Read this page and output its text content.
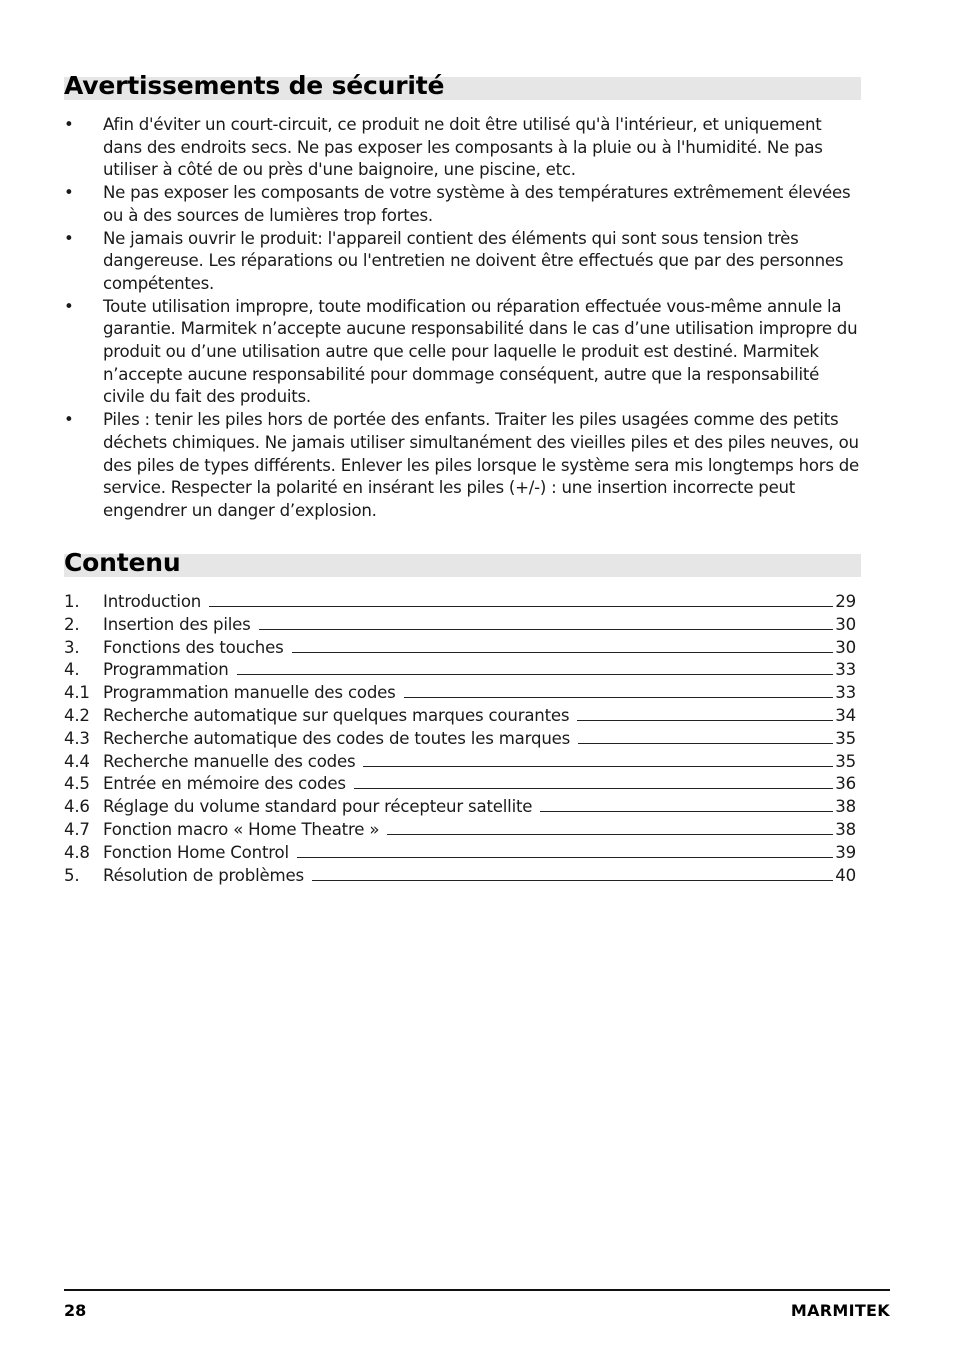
Avertissements de sécurité
• Afin d'éviter un court-circuit, ce produit ne doit être utilisé qu'à l'intérieur, et uniquement dans des endroits secs. Ne pas exposer les composants à la pluie ou à l'humidité. Ne pas utiliser à côté de ou près d'une baignoire, une piscine, etc.
• Ne pas exposer les composants de votre système à des températures extrêmement élevées ou à des sources de lumières trop fortes.
• Ne jamais ouvrir le produit: l'appareil contient des éléments qui sont sous tension très dangereuse. Les réparations ou l'entretien ne doivent être effectués que par des personnes compétentes.
• Toute utilisation impropre, toute modification ou réparation effectuée vous-même annule la garantie. Marmitek n’accepte aucune responsabilité dans le cas d’une utilisation impropre du produit ou d’une utilisation autre que celle pour laquelle le produit est destiné. Marmitek n’accepte aucune responsabilité pour dommage conséquent, autre que la responsabilité civile du fait des produits.
• Piles : tenir les piles hors de portée des enfants. Traiter les piles usagées comme des petits déchets chimiques. Ne jamais utiliser simultanément des vieilles piles et des piles neuves, ou des piles de types différents. Enlever les piles lorsque le système sera mis longtemps hors de service. Respecter la polarité en insérant les piles (+/-) : une insertion incorrecte peut engendrer un danger d’explosion.
Contenu
1.	Introduction	29
2.	Insertion des piles	30
3.	Fonctions des touches	30
4.	Programmation	33
4.1 Programmation manuelle des codes	33
4.2 Recherche automatique sur quelques marques courantes	34
4.3 Recherche automatique des codes de toutes les marques	35
4.4 Recherche manuelle des codes	35
4.5 Entrée en mémoire des codes	36
4.6 Réglage du volume standard pour récepteur satellite	38
4.7 Fonction macro « Home Theatre »	38
4.8 Fonction Home Control	39
5.	Résolution de problèmes	40
28	MARMITEK
